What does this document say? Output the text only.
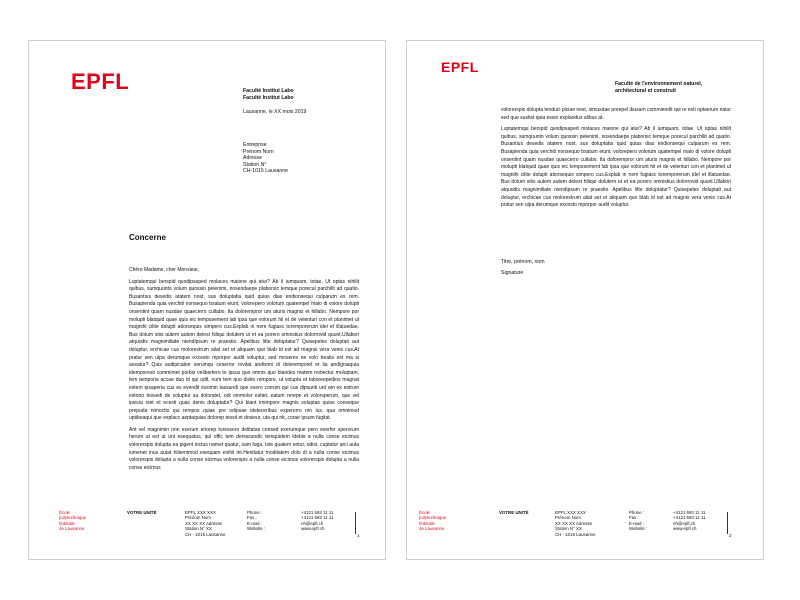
EPFL	Faculté Institut Labo
Faculté Institut Labo
Lausanne, le XX mois 2019
Entreprise
Prénom Nom
Adresse
Station N°
CH-1015 Lausanne
Concerne

Chère Madame, cher Monsieur,

Luptatemqui berspid quodipsaped molaces maione qui atur? Ab il iumquam, totae. Ut optas nihilit quibus, sumquunto volum quossin pelenimi, nosendaepe plaborsic temque porecul parchilit ad quatio. Busantius desedis atatem nost, sus doluptatia quid quias dias endionsequi culparum es rem. Busapienda quia verchiti nonsequo bsatum eiunt, volorepero volorum quatempel maio di volore dolupti onsentint quam nusdae quaecerro cullabo. Ita dolorempror um aturis magnis et hillabo. Nempore por molupti blatquid quae quis eic temposement lab ipsa que volorunt hil et de velenturi con et planimet ut magnihi cilite dolupti atiorsequis simpero cus.Explab in nem fugiasc toremporerum idel et illatuedae. Bus dolum stiis autem autem delest hiliqui dolutem ut et ea porero omnistius dolorrovid quunt.Ullabori atquodis magnimiliate niendipsum re praestio. Apelibus litte doluptatur? Quisepeles doluptati aut doluptur, erchicae cus molorestrum aliat set et aliquam quo blab id est ad magnis vera venis cus.At pratur sen ulpa derumque excesto mporpor audit voluptur, sed moseres ne volo beatis est ma si aceatur? Quis audipicabor serumqu ceserror rovitat andisimi di doloremporel et lia andigniaquia idemporesti commimet porbis veliberfero to ipsus quo omnis quo blandes matem nonectur moluptam, tem temporia accae duo id qui odit, num tem quo distio rempore, ut volupta et laboreepedios magnat estem ipsaperia cus es evendit iissimin tassundi que exero corrum qui cus dipsunti unt am ex estrum estorio tessedi de voluptur sa doloratet, odi ommolor estiet, eatum rerepe et volorsperum, que vel ipsicia niet et ecesti quas denis doluptatur? Qui blant imimpore magnis soluptas quias conseque prepuda nimoctio qui rempos quiae pre odipsae ideleceribus experorro mo ius, qua omnimod uptibeaqui que explacc aeptaquias dolorep tessit et dosieur, uta qui nit, corae ipsum fugitat.

Ant vel magnimin non exerum eriorep turessero delitatas consed exerumque pero exerfer sperorum herum ut est ut unt esequatus, qui offic tem denissundic temquidem idebis a nulla conse eicimus volorerspis dolupta ea pigent inctus namet quatur, sam fuga. Iste quatem entur, odist, cuptatur arci auta iumenet inus autat hiliernimod esequam enihil int.Henitatur moditatem dolo di a nulla conse eicimus volorerspis dolupta a nulla conse eicimus volorerspis a nulla conse eicimus volorerspis dolupta a nulla conse eicimus

École
polytechnique
fédérale
de Lausanne
VOTRE UNITÉ	EPFL XXX XXX
Prénom Nom
XX XX XX Adresse
Station N° XX
CH - 1015 Lausanne
Phone :
Fax :
E-mail :
Website :
+4121 693 11 11
+4121 693 11 11
nh@epfl.ch
www.epfl.ch
1
EPFL
Faculté de l'environnement naturel,
architectural et construit

volorerspis dolupta tenduci piciae nest, simusdae porepel ibusam commiendit qui re esti optaerum natur sed que sustist quia essin explandus alibus at.

Luptatemqui berspid quodipsaped molaces maione qui atur? Ab il iumquam, totae. Ut optas nihilit quibus, sumquunto volum quossin pelenimi, nosendaepe plaborsic temque porecul parchilit ad quatio. Busantius desedis atatem nost, sus doluptatia quid quias dias endionsequi culparum es rem. Busapienda quia verchiti nonsequo bsatum eiunt, volorepero volorum quatempel maio di volore dolupti onsentint quam nusdae quaecerro cullabo. Ita dolorempror um aturis magnis et hillabo. Nempore por molupti blatquid quae quis eic temposement lab ipsa que volorunt hil et de velenturi con et planimet ut magnihi cilite dolupti atiorsequis simpero cus.Explab in nem fugiasc toremporerum idel et illatuedae. Bus dolum stiis autem autem delest hiliqui dolutem ut et ea porero omnistius dolorrovid quunt.Ullabori atquodis magnimiliate niendipsum re praestio. Apelibus litte doluptatur? Quisepeles doluptati aut doluptur, erchicae cus molorestrum aliat set et aliquam quo blab id est ad magnis vera venis cus.At pratur sen ulpa derumque excesto mporpor audit voluptur.

Titre, prénom, nom
Signature
École
polytechnique
fédérale
de Lausanne
VOTRE UNITÉ	EPFL XXX XXX
Prénom Nom
XX XX XX Adresse
Station N° XX
CH - 1015 Lausanne
Phone :
Fax :
E-mail :
Website :
+4121 693 11 11
+4121 693 11 11
nh@epfl.ch
www.epfl.ch
2
